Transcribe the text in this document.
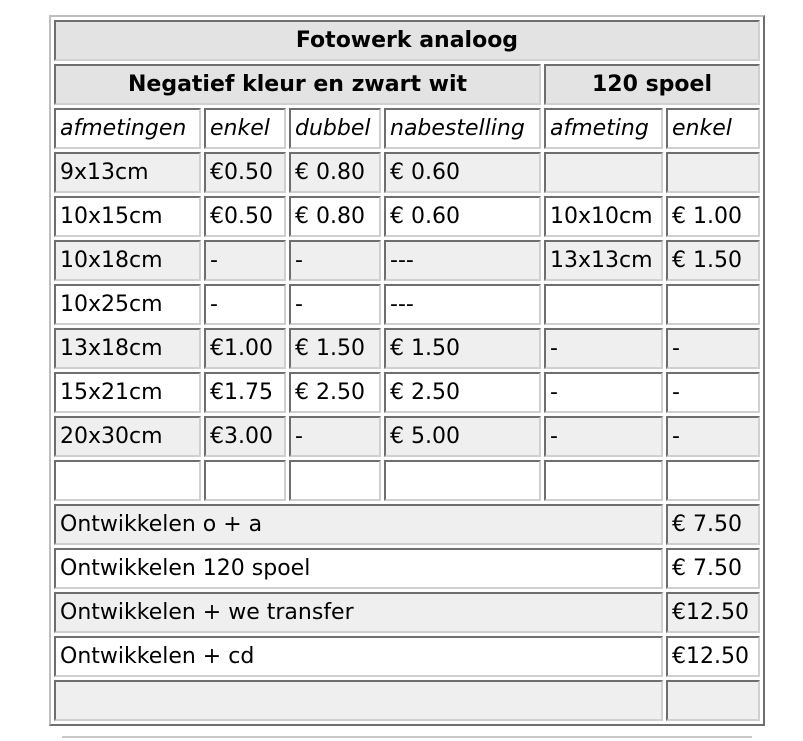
Fotowerk analoog					
Negatief kleur en zwart wit				120 spoel	
afmetingen	enkel	dubbel	nabestelling	afmeting	enkel
9x13cm	€0.50	€ 0.80	€ 0.60		
10x15cm	€0.50	€ 0.80	€ 0.60	10x10cm	€ 1.00
10x18cm	-	-	---	13x13cm	€ 1.50
10x25cm	-	-	---		
13x18cm	€1.00	€ 1.50	€ 1.50	-	-
15x21cm	€1.75	€ 2.50	€ 2.50	-	-
20x30cm	€3.00	-	€ 5.00	-	-

Ontwikkelen o + a					€ 7.50
Ontwikkelen 120 spoel					€ 7.50
Ontwikkelen + we transfer					€12.50
Ontwikkelen + cd					€12.50
